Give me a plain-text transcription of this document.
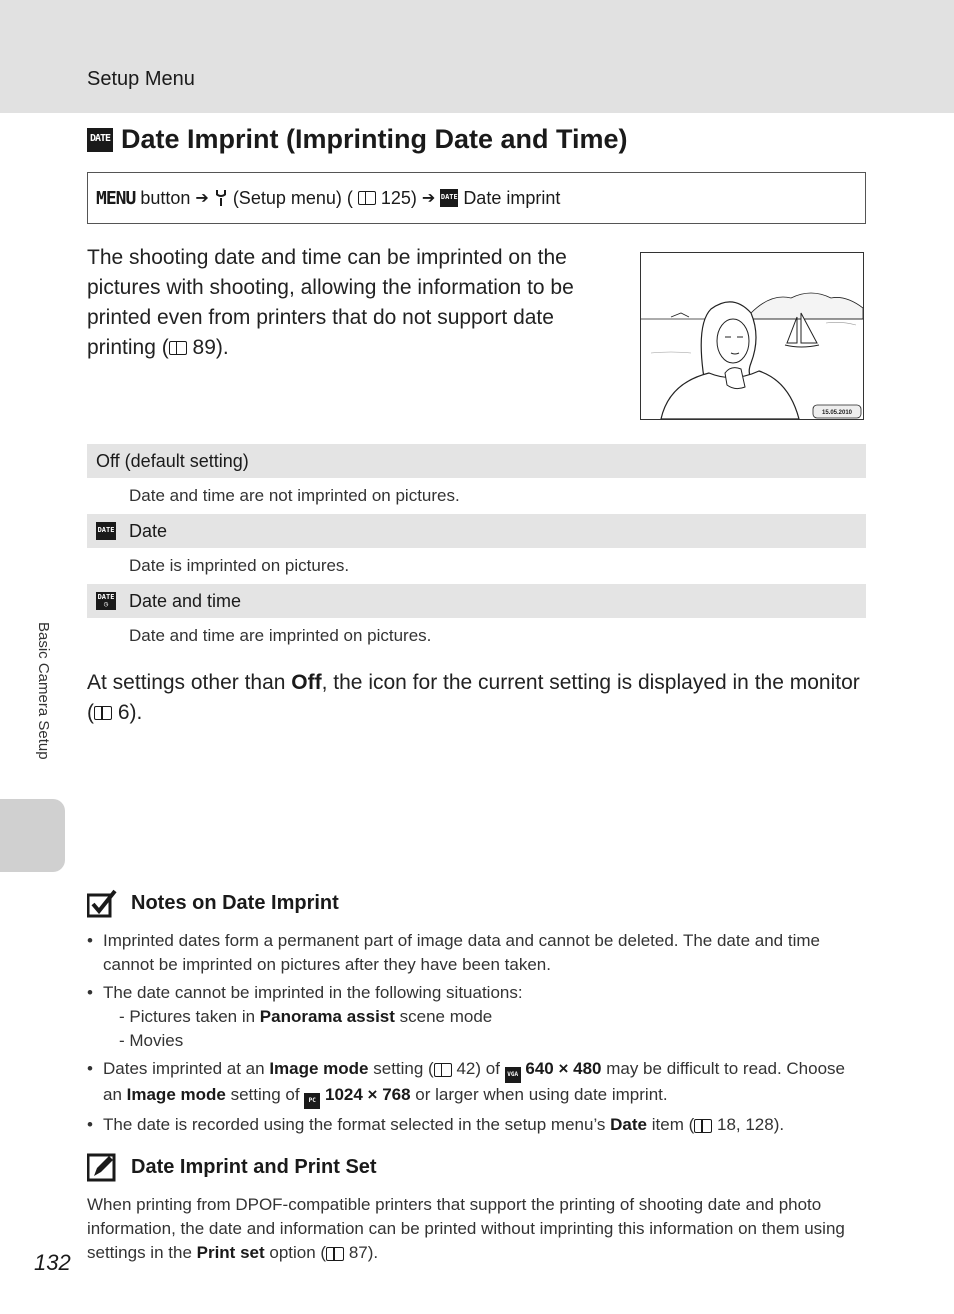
Setup Menu
DATE Date Imprint (Imprinting Date and Time)
MENU button ➔ (Setup menu) ( 125) ➔ DATE Date imprint
The shooting date and time can be imprinted on the pictures with shooting, allowing the information to be printed even from printers that do not support date printing ( 89).
15.05.2010
Off (default setting)
Date and time are not imprinted on pictures.
DATE Date
Date is imprinted on pictures.
DATE
◷	Date and time
Date and time are imprinted on pictures.
At settings other than Off, the icon for the current setting is displayed in the monitor ( 6).
Basic Camera Setup
Notes on Date Imprint
• Imprinted dates form a permanent part of image data and cannot be deleted. The date and time cannot be imprinted on pictures after they have been taken.
• The date cannot be imprinted in the following situations:
- Pictures taken in Panorama assist scene mode
- Movies
• Dates imprinted at an Image mode setting ( 42) of VGA 640 × 480 may be difficult to read. Choose an Image mode setting of PC 1024 × 768 or larger when using date imprint.
• The date is recorded using the format selected in the setup menu’s Date item ( 18, 128).
Date Imprint and Print Set
When printing from DPOF-compatible printers that support the printing of shooting date and photo information, the date and information can be printed without imprinting this information on them using settings in the Print set option ( 87).
132
